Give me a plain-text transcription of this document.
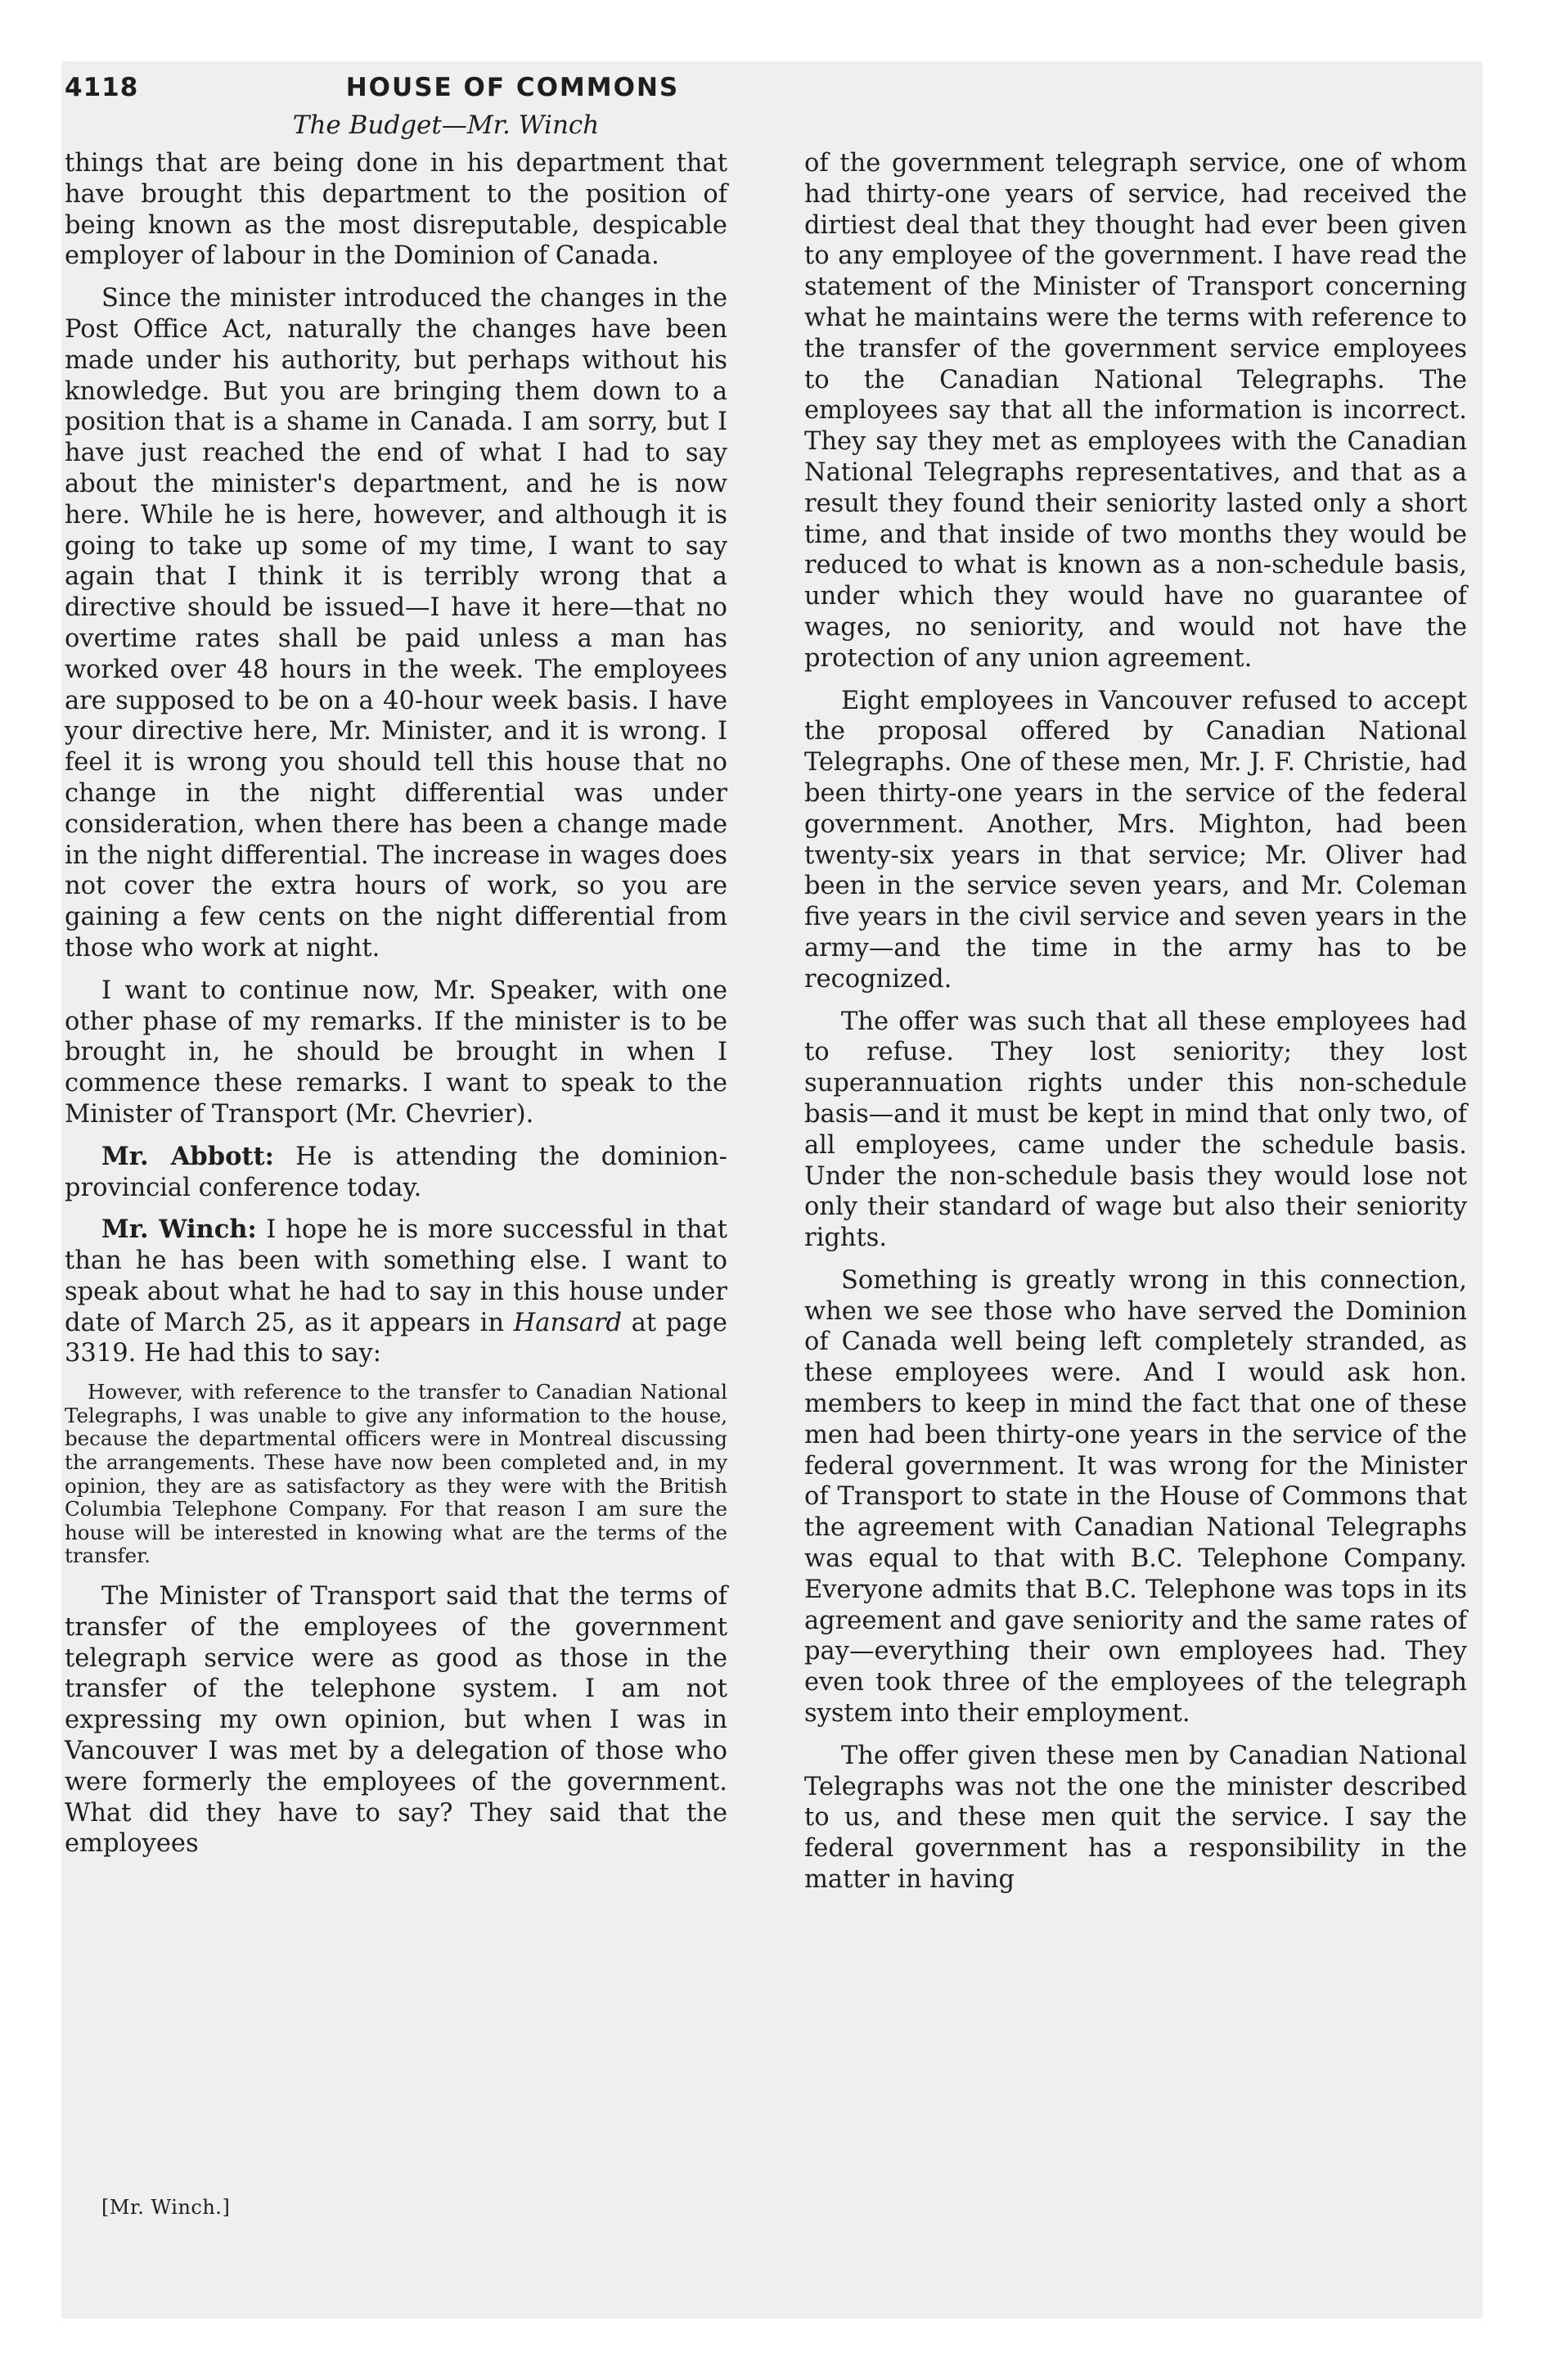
4118	HOUSE OF COMMONS
The Budget—Mr. Winch

things that are being done in his department that have brought this department to the position of being known as the most disreputable, despicable employer of labour in the Dominion of Canada.

Since the minister introduced the changes in the Post Office Act, naturally the changes have been made under his authority, but perhaps without his knowledge. But you are bringing them down to a position that is a shame in Canada. I am sorry, but I have just reached the end of what I had to say about the minister's department, and he is now here. While he is here, however, and although it is going to take up some of my time, I want to say again that I think it is terribly wrong that a directive should be issued—I have it here—that no overtime rates shall be paid unless a man has worked over 48 hours in the week. The employees are supposed to be on a 40-hour week basis. I have your directive here, Mr. Minister, and it is wrong. I feel it is wrong you should tell this house that no change in the night differential was under consideration, when there has been a change made in the night differential. The increase in wages does not cover the extra hours of work, so you are gaining a few cents on the night differential from those who work at night.

I want to continue now, Mr. Speaker, with one other phase of my remarks. If the minister is to be brought in, he should be brought in when I commence these remarks. I want to speak to the Minister of Transport (Mr. Chevrier).

Mr. Abbott: He is attending the dominion-provincial conference today.

Mr. Winch: I hope he is more successful in that than he has been with something else. I want to speak about what he had to say in this house under date of March 25, as it appears in Hansard at page 3319. He had this to say:

However, with reference to the transfer to Canadian National Telegraphs, I was unable to give any information to the house, because the departmental officers were in Montreal discussing the arrangements. These have now been completed and, in my opinion, they are as satisfactory as they were with the British Columbia Telephone Company. For that reason I am sure the house will be interested in knowing what are the terms of the transfer.

The Minister of Transport said that the terms of transfer of the employees of the government telegraph service were as good as those in the transfer of the telephone system. I am not expressing my own opinion, but when I was in Vancouver I was met by a delegation of those who were formerly the employees of the government. What did they have to say? They said that the employees

of the government telegraph service, one of whom had thirty-one years of service, had received the dirtiest deal that they thought had ever been given to any employee of the government. I have read the statement of the Minister of Transport concerning what he maintains were the terms with reference to the transfer of the government service employees to the Canadian National Telegraphs. The employees say that all the information is incorrect. They say they met as employees with the Canadian National Telegraphs representatives, and that as a result they found their seniority lasted only a short time, and that inside of two months they would be reduced to what is known as a non-schedule basis, under which they would have no guarantee of wages, no seniority, and would not have the protection of any union agreement.

Eight employees in Vancouver refused to accept the proposal offered by Canadian National Telegraphs. One of these men, Mr. J. F. Christie, had been thirty-one years in the service of the federal government. Another, Mrs. Mighton, had been twenty-six years in that service; Mr. Oliver had been in the service seven years, and Mr. Coleman five years in the civil service and seven years in the army—and the time in the army has to be recognized.

The offer was such that all these employees had to refuse. They lost seniority; they lost superannuation rights under this non-schedule basis—and it must be kept in mind that only two, of all employees, came under the schedule basis. Under the non-schedule basis they would lose not only their standard of wage but also their seniority rights.

Something is greatly wrong in this connection, when we see those who have served the Dominion of Canada well being left completely stranded, as these employees were. And I would ask hon. members to keep in mind the fact that one of these men had been thirty-one years in the service of the federal government. It was wrong for the Minister of Transport to state in the House of Commons that the agreement with Canadian National Telegraphs was equal to that with B.C. Telephone Company. Everyone admits that B.C. Telephone was tops in its agreement and gave seniority and the same rates of pay—everything their own employees had. They even took three of the employees of the telegraph system into their employment.

The offer given these men by Canadian National Telegraphs was not the one the minister described to us, and these men quit the service. I say the federal government has a responsibility in the matter in having

[Mr. Winch.]
